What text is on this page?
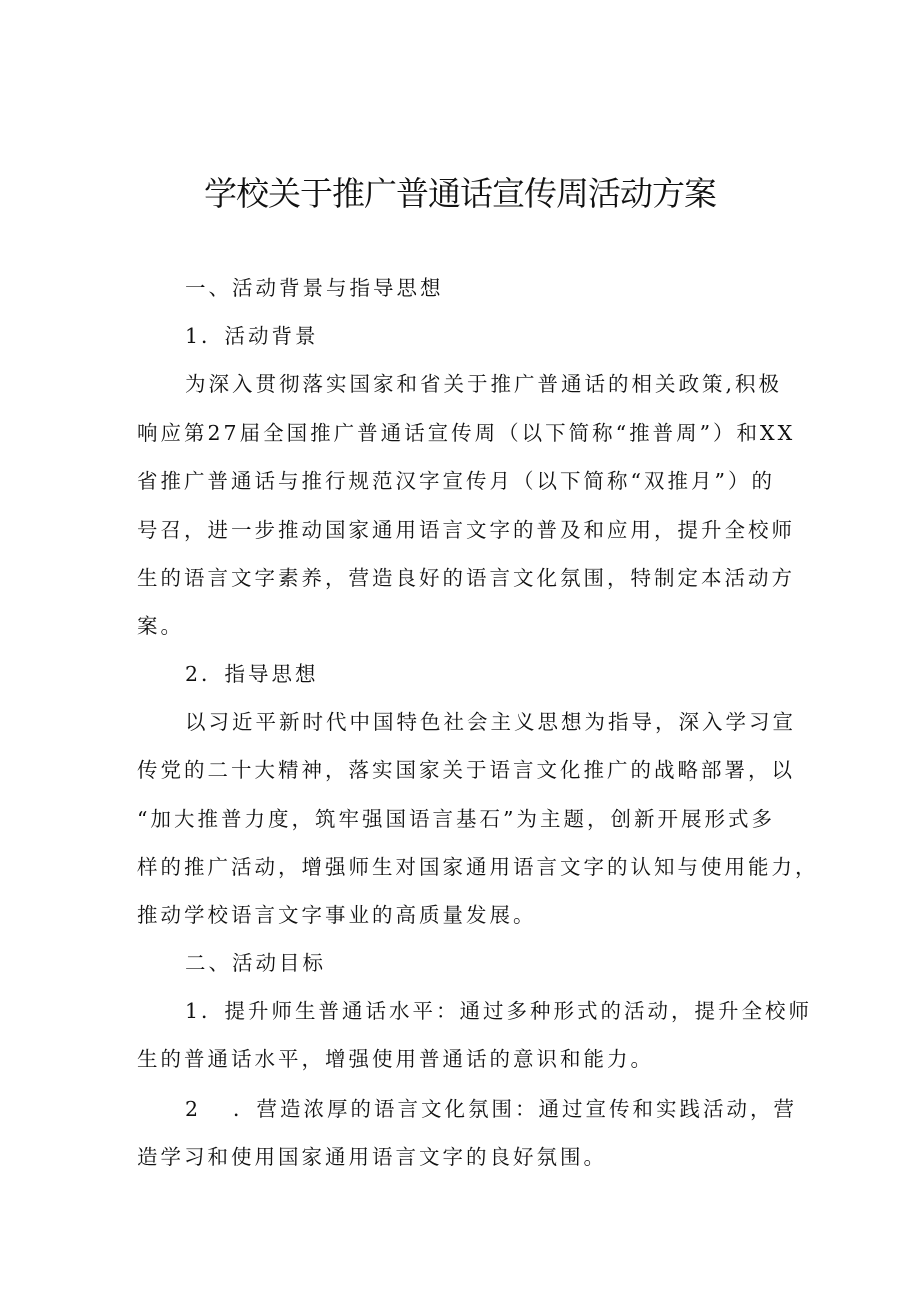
学校关于推广普通话宣传周活动方案

一、活动背景与指导思想

1．活动背景

为深入贯彻落实国家和省关于推广普通话的相关政策,积极

响应第27届全国推广普通话宣传周（以下简称“推普周”）和XX

省推广普通话与推行规范汉字宣传月（以下简称“双推月”）的

号召，进一步推动国家通用语言文字的普及和应用，提升全校师

生的语言文字素养，营造良好的语言文化氛围，特制定本活动方

案。

2．指导思想

以习近平新时代中国特色社会主义思想为指导，深入学习宣

传党的二十大精神，落实国家关于语言文化推广的战略部署，以

“加大推普力度，筑牢强国语言基石”为主题，创新开展形式多

样的推广活动，增强师生对国家通用语言文字的认知与使用能力，

推动学校语言文字事业的高质量发展。

二、活动目标

1．提升师生普通话水平：通过多种形式的活动，提升全校师

生的普通话水平，增强使用普通话的意识和能力。

2 ．营造浓厚的语言文化氛围：通过宣传和实践活动，营

造学习和使用国家通用语言文字的良好氛围。
